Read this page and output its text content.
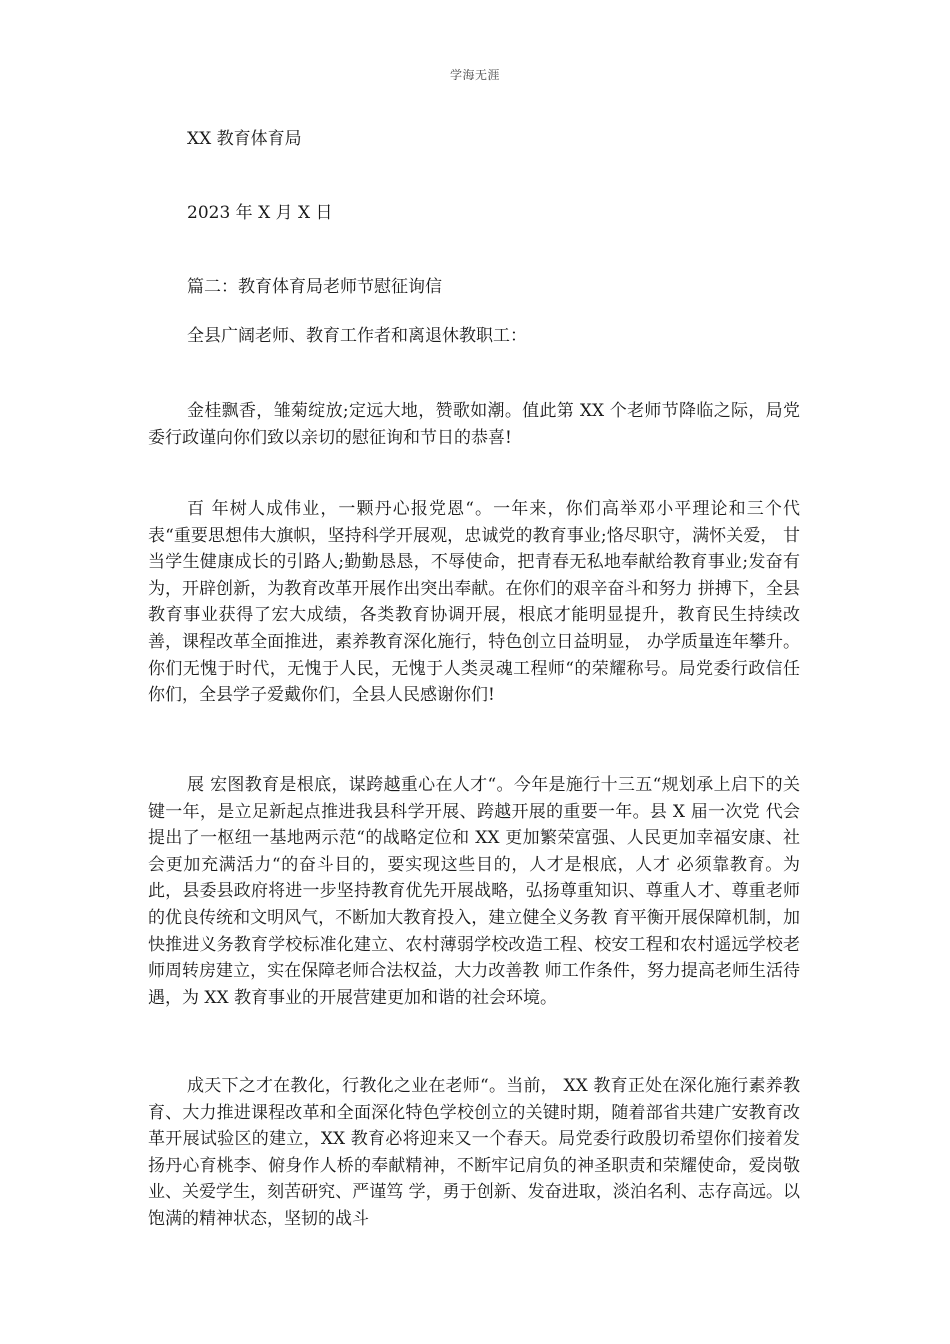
学海无涯
XX 教育体育局
2023 年 X 月 X 日
篇二：教育体育局老师节慰征询信
全县广阔老师、教育工作者和离退休教职工：

金桂飘香，雏菊绽放;定远大地，赞歌如潮。值此第 XX 个老师节降临之际，局党委行政谨向你们致以亲切的慰征询和节日的恭喜!

百 年树人成伟业，一颗丹心报党恩“。一年来，你们高举邓小平理论和三个代表“重要思想伟大旗帜，坚持科学开展观，忠诚党的教育事业;恪尽职守，满怀关爱， 甘当学生健康成长的引路人;勤勤恳恳，不辱使命，把青春无私地奉献给教育事业;发奋有为，开辟创新，为教育改革开展作出突出奉献。在你们的艰辛奋斗和努力 拼搏下，全县教育事业获得了宏大成绩，各类教育协调开展，根底才能明显提升，教育民生持续改善，课程改革全面推进，素养教育深化施行，特色创立日益明显， 办学质量连年攀升。你们无愧于时代，无愧于人民，无愧于人类灵魂工程师“的荣耀称号。局党委行政信任你们，全县学子爱戴你们，全县人民感谢你们!

展 宏图教育是根底，谋跨越重心在人才“。今年是施行十三五“规划承上启下的关键一年，是立足新起点推进我县科学开展、跨越开展的重要一年。县 X 届一次党 代会提出了一枢纽一基地两示范“的战略定位和 XX 更加繁荣富强、人民更加幸福安康、社会更加充满活力“的奋斗目的，要实现这些目的，人才是根底，人才 必须靠教育。为此，县委县政府将进一步坚持教育优先开展战略，弘扬尊重知识、尊重人才、尊重老师的优良传统和文明风气，不断加大教育投入，建立健全义务教 育平衡开展保障机制，加快推进义务教育学校标准化建立、农村薄弱学校改造工程、校安工程和农村遥远学校老师周转房建立，实在保障老师合法权益，大力改善教 师工作条件，努力提高老师生活待遇，为 XX 教育事业的开展营建更加和谐的社会环境。

成天下之才在教化，行教化之业在老师“。当前， XX 教育正处在深化施行素养教育、大力推进课程改革和全面深化特色学校创立的关键时期，随着部省共建广安教育改革开展试验区的建立，XX 教育必将迎来又一个春天。局党委行政殷切希望你们接着发扬丹心育桃李、俯身作人桥的奉献精神，不断牢记肩负的神圣职责和荣耀使命，爱岗敬业、关爱学生，刻苦研究、严谨笃 学，勇于创新、发奋进取，淡泊名利、志存高远。以饱满的精神状态，坚韧的战斗
